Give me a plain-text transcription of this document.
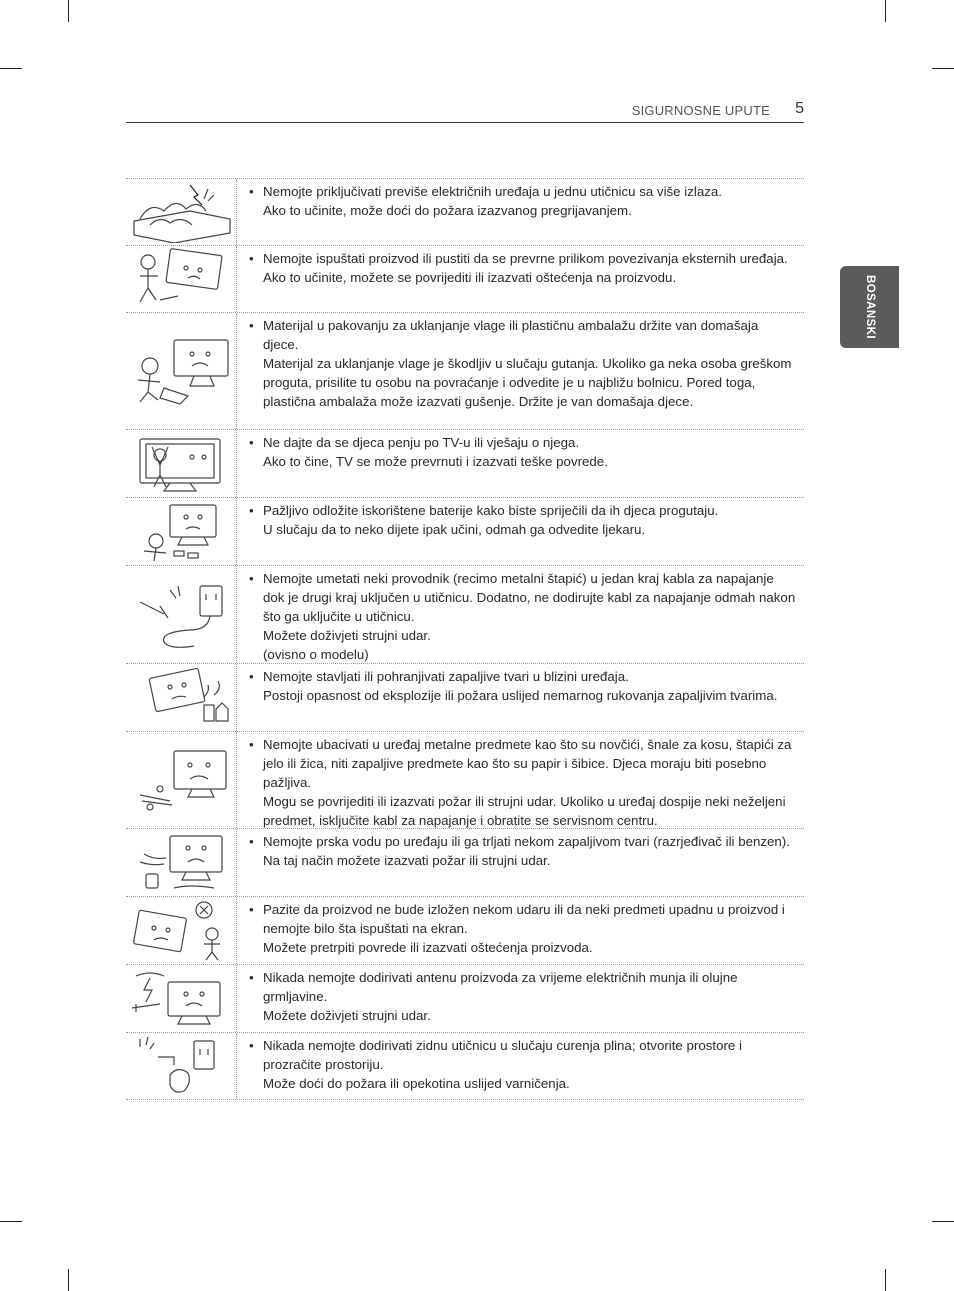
SIGURNOSNE UPUTE 5
BOSANSKI
• Nemojte priključivati previše električnih uređaja u jednu utičnicu sa više izlaza.

Ako to učinite, može doći do požara izazvanog pregrijavanjem.

• Nemojte ispuštati proizvod ili pustiti da se prevrne prilikom povezivanja eksternih uređaja.

Ako to učinite, možete se povrijediti ili izazvati oštećenja na proizvodu.

• Materijal u pakovanju za uklanjanje vlage ili plastičnu ambalažu držite van domašaja djece.

Materijal za uklanjanje vlage je škodljiv u slučaju gutanja. Ukoliko ga neka osoba greškom proguta, prisilite tu osobu na povraćanje i odvedite je u najbližu bolnicu. Pored toga, plastična ambalaža može izazvati gušenje. Držite je van domašaja djece.

• Ne dajte da se djeca penju po TV-u ili vješaju o njega.

Ako to čine, TV se može prevrnuti i izazvati teške povrede.

• Pažljivo odložite iskorištene baterije kako biste spriječili da ih djeca progutaju.

U slučaju da to neko dijete ipak učini, odmah ga odvedite ljekaru.

• Nemojte umetati neki provodnik (recimo metalni štapić) u jedan kraj kabla za napajanje dok je drugi kraj uključen u utičnicu. Dodatno, ne dodirujte kabl za napajanje odmah nakon što ga uključite u utičnicu.

Možete doživjeti strujni udar.

(ovisno o modelu)

• Nemojte stavljati ili pohranjivati zapaljive tvari u blizini uređaja.

Postoji opasnost od eksplozije ili požara uslijed nemarnog rukovanja zapaljivim tvarima.

• Nemojte ubacivati u uređaj metalne predmete kao što su novčići, šnale za kosu, štapići za jelo ili žica, niti zapaljive predmete kao što su papir i šibice. Djeca moraju biti posebno pažljiva.

Mogu se povrijediti ili izazvati požar ili strujni udar. Ukoliko u uređaj dospije neki neželjeni predmet, isključite kabl za napajanje i obratite se servisnom centru.

• Nemojte prska vodu po uređaju ili ga trljati nekom zapaljivom tvari (razrjeđivač ili benzen). Na taj način možete izazvati požar ili strujni udar.

• Pazite da proizvod ne bude izložen nekom udaru ili da neki predmeti upadnu u proizvod i nemojte bilo šta ispuštati na ekran.

Možete pretrpiti povrede ili izazvati oštećenja proizvoda.

• Nikada nemojte dodirivati antenu proizvoda za vrijeme električnih munja ili olujne grmljavine.

Možete doživjeti strujni udar.

• Nikada nemojte dodirivati zidnu utičnicu u slučaju curenja plina; otvorite prostore i prozračite prostoriju.

Može doći do požara ili opekotina uslijed varničenja.
